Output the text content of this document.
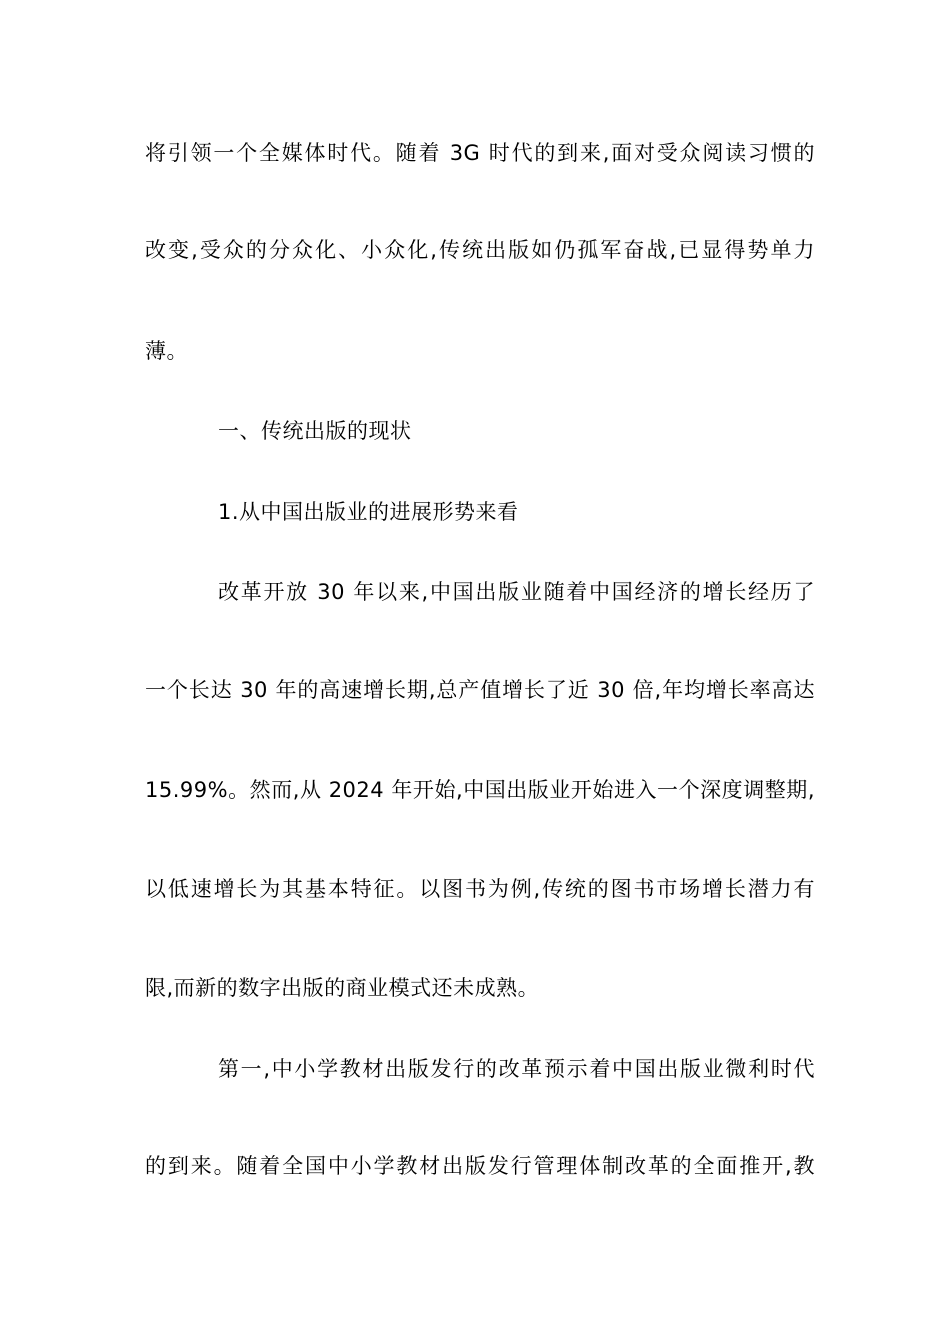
将引领一个全媒体时代。随着 3G 时代的到来,面对受众阅读习惯的
改变,受众的分众化、小众化,传统出版如仍孤军奋战,已显得势单力
薄。
一、传统出版的现状
1.从中国出版业的进展形势来看
改革开放 30 年以来,中国出版业随着中国经济的增长经历了
一个长达 30 年的高速增长期,总产值增长了近 30 倍,年均增长率高达
15.99%。然而,从 2024 年开始,中国出版业开始进入一个深度调整期,
以低速增长为其基本特征。以图书为例,传统的图书市场增长潜力有
限,而新的数字出版的商业模式还未成熟。
第一,中小学教材出版发行的改革预示着中国出版业微利时代
的到来。随着全国中小学教材出版发行管理体制改革的全面推开,教
